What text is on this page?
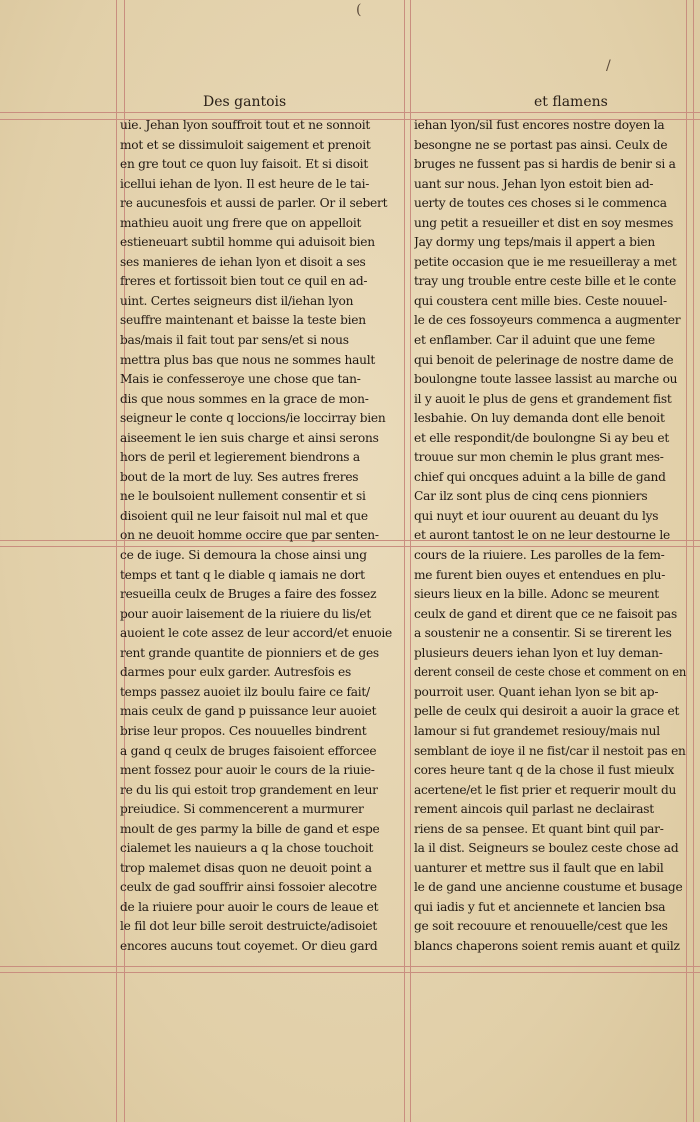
(
/
Des gantois	et flamens
uie. Jehan lyon souffroit tout et ne sonnoit
mot et se dissimuloit saigement et prenoit
en gre tout ce quon luy faisoit. Et si disoit
icellui iehan de lyon. Il est heure de le tai-
re aucunesfois et aussi de parler. Or il sebert
mathieu auoit ung frere que on appelloit
estieneuart subtil homme qui aduisoit bien
ses manieres de iehan lyon et disoit a ses
freres et fortissoit bien tout ce quil en ad-
uint. Certes seigneurs dist il/iehan lyon
seuffre maintenant et baisse la teste bien
bas/mais il fait tout par sens/et si nous
mettra plus bas que nous ne sommes hault
Mais ie confesseroye une chose que tan-
dis que nous sommes en la grace de mon-
seigneur le conte q loccions/ie loccirray bien
aiseement le ien suis charge et ainsi serons
hors de peril et legierement biendrons a
bout de la mort de luy. Ses autres freres
ne le boulsoient nullement consentir et si
disoient quil ne leur faisoit nul mal et que
on ne deuoit homme occire que par senten-
ce de iuge. Si demoura la chose ainsi ung
temps et tant q le diable q iamais ne dort
resueilla ceulx de Bruges a faire des fossez
pour auoir laisement de la riuiere du lis/et
auoient le cote assez de leur accord/et enuoie
rent grande quantite de pionniers et de ges
darmes pour eulx garder. Autresfois es
temps passez auoiet ilz boulu faire ce fait/
mais ceulx de gand p puissance leur auoiet
brise leur propos. Ces nouuelles bindrent
a gand q ceulx de bruges faisoient efforcee
ment fossez pour auoir le cours de la riuie-
re du lis qui estoit trop grandement en leur
preiudice. Si commencerent a murmurer
moult de ges parmy la bille de gand et espe
cialemet les nauieurs a q la chose touchoit
trop malemet disas quon ne deuoit point a
ceulx de gad souffrir ainsi fossoier alecotre
de la riuiere pour auoir le cours de leaue et
le fil dot leur bille seroit destruicte/adisoiet
encores aucuns tout coyemet. Or dieu gard
iehan lyon/sil fust encores nostre doyen la
besongne ne se portast pas ainsi. Ceulx de
bruges ne fussent pas si hardis de benir si a
uant sur nous. Jehan lyon estoit bien ad-
uerty de toutes ces choses si le commenca
ung petit a resueiller et dist en soy mesmes
Jay dormy ung teps/mais il appert a bien
petite occasion que ie me resueilleray a met
tray ung trouble entre ceste bille et le conte
qui coustera cent mille bies. Ceste nouuel-
le de ces fossoyeurs commenca a augmenter
et enflamber. Car il aduint que une feme
qui benoit de pelerinage de nostre dame de
boulongne toute lassee lassist au marche ou
il y auoit le plus de gens et grandement fist
lesbahie. On luy demanda dont elle benoit
et elle respondit/de boulongne Si ay beu et
trouue sur mon chemin le plus grant mes-
chief qui oncques aduint a la bille de gand
Car ilz sont plus de cinq cens pionniers
qui nuyt et iour ouurent au deuant du lys
et auront tantost le on ne leur destourne le
cours de la riuiere. Les parolles de la fem-
me furent bien ouyes et entendues en plu-
sieurs lieux en la bille. Adonc se meurent
ceulx de gand et dirent que ce ne faisoit pas
a soustenir ne a consentir. Si se tirerent les
plusieurs deuers iehan lyon et luy deman-
derent conseil de ceste chose et comment on en
pourroit user. Quant iehan lyon se bit ap-
pelle de ceulx qui desiroit a auoir la grace et
lamour si fut grandemet resiouy/mais nul
semblant de ioye il ne fist/car il nestoit pas en
cores heure tant q de la chose il fust mieulx
acertene/et le fist prier et requerir moult du
rement aincois quil parlast ne declairast
riens de sa pensee. Et quant bint quil par-
la il dist. Seigneurs se boulez ceste chose ad
uanturer et mettre sus il fault que en labil
le de gand une ancienne coustume et busage
qui iadis y fut et anciennete et lancien bsa
ge soit recouure et renouuelle/cest que les
blancs chaperons soient remis auant et quilz
